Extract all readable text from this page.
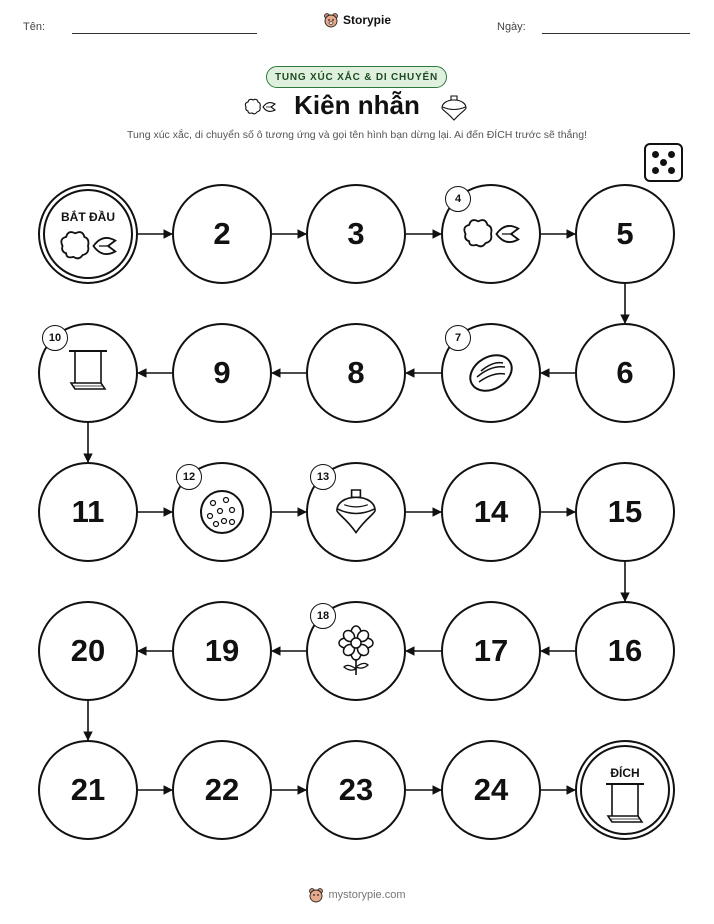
Tên:	Storypie	Ngày:
TUNG XÚC XẮC & DI CHUYỂN
Kiên nhẫn
Tung xúc xắc, di chuyển số ô tương ứng và gọi tên hình bạn dừng lại. Ai đến ĐÍCH trước sẽ thắng!
BẮT ĐẦU	2	3
4
5
6
7
8
9
10
11
12	13
14	15
16
17
18
19
20
21	22	23	24	ĐÍCH
mystorypie.com
